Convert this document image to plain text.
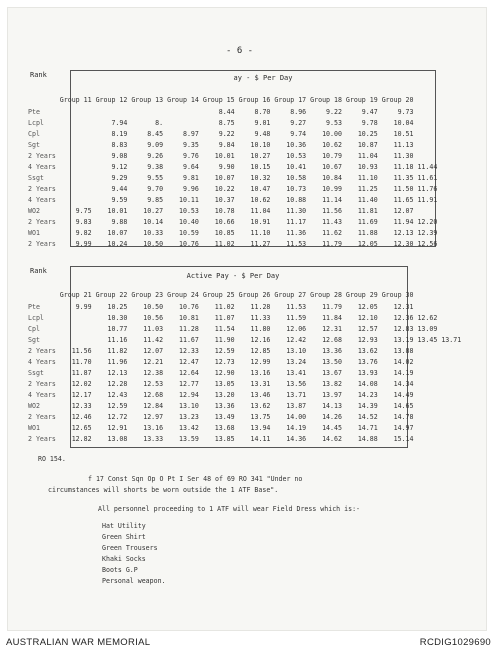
- 6 -
ay - $ Per Day
Rank
	Group 11	Group 12	Group 13	Group 14	Group 15	Group 16	Group 17	Group 18	Group 19	Group 20	
Pte					8.44	8.70	8.96	9.22	9.47	9.73	
Lcpl		7.94	8.		8.75	9.01	9.27	9.53	9.78	10.04	
Cpl		8.19	8.45	8.97	9.22	9.48	9.74	10.00	10.25	10.51	
Sgt		8.83	9.09	9.35	9.84	10.10	10.36	10.62	10.87	11.13	
2 Years		9.08	9.26	9.76	10.01	10.27	10.53	10.79	11.04	11.30	
4 Years		9.12	9.38	9.64	9.90	10.15	10.41	10.67	10.93	11.18	11.44
Ssgt		9.29	9.55	9.81	10.07	10.32	10.58	10.84	11.10	11.35	11.61
2 Years		9.44	9.70	9.96	10.22	10.47	10.73	10.99	11.25	11.50	11.76
4 Years		9.59	9.85	10.11	10.37	10.62	10.88	11.14	11.40	11.65	11.91
WO2	9.75	10.01	10.27	10.53	10.78	11.04	11.30	11.56	11.81	12.07	
2 Years	9.83	9.88	10.14	10.40	10.66	10.91	11.17	11.43	11.69	11.94	12.20
WO1	9.82	10.07	10.33	10.59	10.85	11.10	11.36	11.62	11.88	12.13	12.39
2 Years	9.99	10.24	10.50	10.76	11.02	11.27	11.53	11.79	12.05	12.30	12.56
Active Pay - $ Per Day
Rank
	Group 21	Group 22	Group 23	Group 24	Group 25	Group 26	Group 27	Group 28	Group 29	Group 30		
Pte	9.99	10.25	10.50	10.76	11.02	11.28	11.53	11.79	12.05	12.31		
Lcpl		10.30	10.56	10.81	11.07	11.33	11.59	11.84	12.10	12.36	12.62	
Cpl		10.77	11.03	11.28	11.54	11.80	12.06	12.31	12.57	12.83	13.09	
Sgt		11.16	11.42	11.67	11.90	12.16	12.42	12.68	12.93	13.19	13.45	13.71
2 Years	11.56	11.82	12.07	12.33	12.59	12.85	13.10	13.36	13.62	13.88		
4 Years	11.70	11.96	12.21	12.47	12.73	12.99	13.24	13.50	13.76	14.02		
Ssgt	11.87	12.13	12.38	12.64	12.90	13.16	13.41	13.67	13.93	14.19		
2 Years	12.02	12.28	12.53	12.77	13.05	13.31	13.56	13.82	14.08	14.34		
4 Years	12.17	12.43	12.68	12.94	13.20	13.46	13.71	13.97	14.23	14.49		
WO2	12.33	12.59	12.84	13.10	13.36	13.62	13.87	14.13	14.39	14.65		
2 Years	12.46	12.72	12.97	13.23	13.49	13.75	14.00	14.26	14.52	14.78		
WO1	12.65	12.91	13.16	13.42	13.68	13.94	14.19	14.45	14.71	14.97		
2 Years	12.82	13.08	13.33	13.59	13.85	14.11	14.36	14.62	14.88	15.14		
RO 154.
f 17 Const Sqn Op O Pt I Ser 48 of 69 RO 341 "Under no
circumstances will shorts be worn outside the 1 ATF Base".
All personnel proceeding to 1 ATF will wear Field Dress which is:-
Hat Utility
Green Shirt
Green Trousers
Khaki Socks
Boots G.P
Personal weapon.
AUSTRALIAN WAR MEMORIAL	RCDIG1029690
